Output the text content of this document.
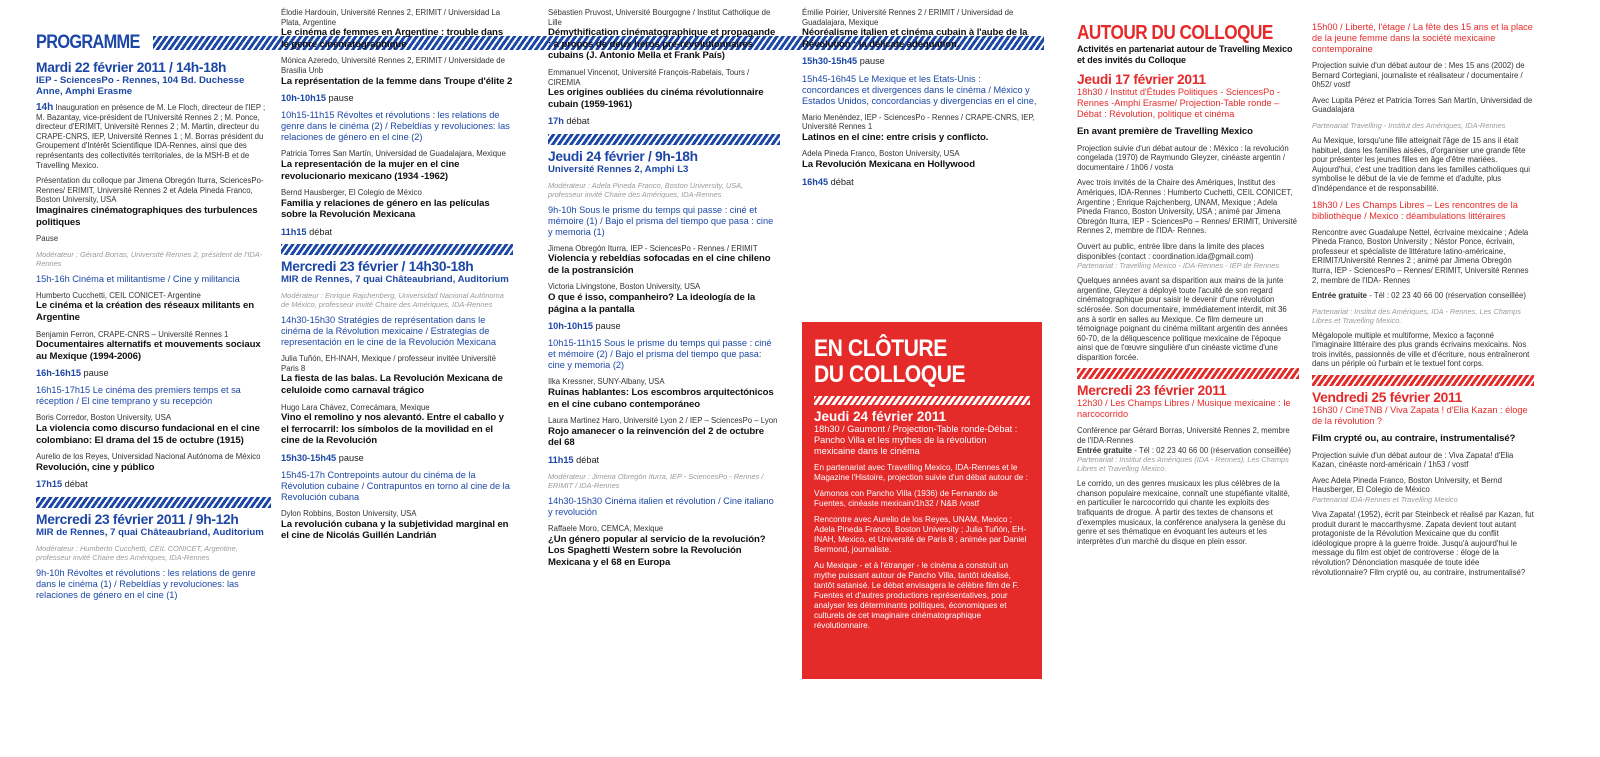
PROGRAMME
Mardi 22 février 2011 / 14h-18h
IEP - SciencesPo - Rennes, 104 Bd. Duchesse Anne, Amphi Erasme

14h Inauguration en présence de M. Le Floch, directeur de l'IEP ; M. Bazantay, vice-président de l'Université Rennes 2 ; M. Ponce, directeur d'ERIMIT, Université Rennes 2 ; M. Martin, directeur du CRAPE-CNRS, IEP, Université Rennes 1 ; M. Borras président du Groupement d'Intérêt Scientifique IDA-Rennes, ainsi que des représentants des collectivités territoriales, de la MSH-B et de Travelling Mexico.

Présentation du colloque par Jimena Obregón Iturra, SciencesPo-Rennes/ ERIMIT, Université Rennes 2 et Adela Pineda Franco, Boston University, USA

Imaginaires cinématographiques des turbulences politiques

Pause

Modérateur : Gérard Borras, Université Rennes 2, président de l'IDA-Rennes

15h-16h Cinéma et militantisme / Cine y militancia

Humberto Cucchetti, CEIL CONICET- Argentine

Le cinéma et la création des réseaux militants en Argentine

Benjamin Ferron, CRAPE-CNRS – Université Rennes 1

Documentaires alternatifs et mouvements sociaux au Mexique (1994-2006)

16h-16h15 pause

16h15-17h15 Le cinéma des premiers temps et sa réception / El cine temprano y su recepción

Boris Corredor, Boston University, USA

La violencia como discurso fundacional en el cine colombiano: El drama del 15 de octubre (1915)

Aurelio de los Reyes, Universidad Nacional Autónoma de México

Revolución, cine y público

17h15 débat

Mercredi 23 février 2011 / 9h-12h
MIR de Rennes, 7 quai Châteaubriand, Auditorium

Modérateur : Humberto Cucchetti, CEIL CONICET, Argentine, professeur invité Chaire des Amériques, IDA-Rennes

9h-10h Révoltes et révolutions : les relations de genre dans le cinéma (1) / Rebeldías y revoluciones: las relaciones de género en el cine (1)

Élodie Hardouin, Université Rennes 2, ERIMIT / Universidad La Plata, Argentine

Le cinéma de femmes en Argentine : trouble dans le genre cinématographique

Mónica Azeredo, Université Rennes 2, ERIMIT / Universidade de Brasilia Unb

La représentation de la femme dans Troupe d'élite 2

10h-10h15 pause

10h15-11h15 Révoltes et révolutions : les relations de genre dans le cinéma (2) / Rebeldías y revoluciones: las relaciones de género en el cine (2)

Patricia Torres San Martín, Universidad de Guadalajara, Mexique

La representación de la mujer en el cine revolucionario mexicano (1934 -1962)

Bernd Hausberger, El Colegio de México

Familia y relaciones de género en las películas sobre la Revolución Mexicana

11h15 débat

Mercredi 23 février / 14h30-18h
MIR de Rennes, 7 quai Châteaubriand, Auditorium

Modérateur : Enrique Rajchenberg, Universidad Nacional Autónoma de México, professeur invité Chaire des Amériques, IDA-Rennes

14h30-15h30 Stratégies de représentation dans le cinéma de la Révolution mexicaine / Estrategias de representación en le cine de la Revolución Mexicana

Julia Tuñón, EH-INAH, Mexique / professeur invitée Université Paris 8

La fiesta de las balas. La Revolución Mexicana de celuloide como carnaval trágico

Hugo Lara Chávez, Correcámara, Mexique

Vino el remolino y nos alevantó. Entre el caballo y el ferrocarril: los símbolos de la movilidad en el cine de la Revolución

15h30-15h45 pause

15h45-17h Contrepoints autour du cinéma de la Révolution cubaine / Contrapuntos en torno al cine de la Revolución cubana

Dylon Robbins, Boston University, USA

La revolución cubana y la subjetividad marginal en el cine de Nicolás Guillén Landrián

Sébastien Pruvost, Université Bourgogne / Institut Catholique de Lille

Démythification cinématographique et propagande : à propos de deux héros pré-révolutionnaires cubains (J. Antonio Mella et Frank País)

Emmanuel Vincenot, Université François-Rabelais, Tours / CIREMIA

Les origines oubliées du cinéma révolutionnaire cubain (1959-1961)

17h débat

Jeudi 24 février / 9h-18h
Université Rennes 2, Amphi L3

Modérateur : Adela Pineda Franco, Boston University, USA, professeur invité Chaire des Amériques, IDA-Rennes

9h-10h Sous le prisme du temps qui passe : ciné et mémoire (1) / Bajo el prisma del tiempo que pasa : cine y memoria (1)

Jimena Obregón Iturra, IEP - SciencesPo - Rennes / ERIMIT

Violencia y rebeldías sofocadas en el cine chileno de la postransición

Victoria Livingstone, Boston University, USA

O que é isso, companheiro? La ideología de la página a la pantalla

10h-10h15 pause

10h15-11h15 Sous le prisme du temps qui passe : ciné et mémoire (2) / Bajo el prisma del tiempo que pasa: cine y memoria (2)

Ilka Kressner, SUNY-Albany, USA

Ruinas hablantes: Los escombros arquitectónicos en el cine cubano contemporáneo

Laura Martinez Haro, Université Lyon 2 / IEP – SciencesPo – Lyon

Rojo amanecer o la reinvención del 2 de octubre del 68

11h15 débat

Modérateur : Jimena Obregón Iturra, IEP - SciencesPo - Rennes / ERIMIT / IDA-Rennes

14h30-15h30 Cinéma italien et révolution / Cine italiano y revolución

Raffaele Moro, CEMCA, Mexique

¿Un género popular al servicio de la revolución? Los Spaghetti Western sobre la Revolución Mexicana y el 68 en Europa

Émilie Poirier, Université Rennes 2 / ERIMIT / Universidad de Guadalajara, Mexique

Néoréalisme italien et cinéma cubain à l'aube de la Révolution : la délicate adéquation.

15h30-15h45 pause

15h45-16h45 Le Mexique et les Etats-Unis : concordances et divergences dans le cinéma / México y Estados Unidos, concordancias y divergencias en el cine,

Mario Menéndez, IEP - SciencesPo - Rennes / CRAPE-CNRS, IEP, Université Rennes 1

Latinos en el cine: entre crisis y conflicto.

Adela Pineda Franco, Boston University, USA

La Revolución Mexicana en Hollywood

16h45 débat

EN CLÔTURE
DU COLLOQUE
Jeudi 24 février 2011

18h30 / Gaumont / Projection-Table ronde-Débat : Pancho Villa et les mythes de la révolution mexicaine dans le cinéma

En partenariat avec Travelling Mexico, IDA-Rennes et le Magazine l'Histoire, projection suivie d'un débat autour de :

Vámonos con Pancho Villa (1936) de Fernando de Fuentes, cinéaste mexicain/1h32 / N&B /vostf

Rencontre avec Aurelio de los Reyes, UNAM, Mexico ; Adela Pineda Franco, Boston University ; Julia Tuñón, EH-INAH, Mexico, et Université de Paris 8 ; animée par Daniel Bermond, journaliste.

Au Mexique - et à l'étranger - le cinéma a construit un mythe puissant autour de Pancho Villa, tantôt idéalisé, tantôt satanisé. Le débat envisagera le célèbre film de F. Fuentes et d'autres productions représentatives, pour analyser les déterminants politiques, économiques et culturels de cet imaginaire cinématographique révolutionnaire.

AUTOUR DU COLLOQUE

Activités en partenariat autour de Travelling Mexico et des invités du Colloque

Jeudi 17 février 2011

18h30 / Institut d'Études Politiques - SciencesPo - Rennes -Amphi Erasme/ Projection-Table ronde –Débat : Révolution, politique et cinéma

En avant première de Travelling Mexico

Projection suivie d'un débat autour de : México : la revolución congelada (1970) de Raymundo Gleyzer, cinéaste argentin / documentaire / 1h06 / vosta

Avec trois invités de la Chaire des Amériques, Institut des Amériques, IDA-Rennes : Humberto Cuchetti, CEIL CONICET, Argentine ; Enrique Rajchenberg, UNAM, Mexique ; Adela Pineda Franco, Boston University, USA ; animé par Jimena Obregón Iturra, IEP - SciencesPo – Rennes/ ERIMIT, Université Rennes 2, membre de l'IDA- Rennes.

Ouvert au public, entrée libre dans la limite des places disponibles (contact : coordination.ida@gmail.com)

Partenariat : Travelling Mexico - IDA-Rennes - IEP de Rennes

Quelques années avant sa disparition aux mains de la junte argentine, Gleyzer a déployé toute l'acuité de son regard cinématographique pour saisir le devenir d'une révolution sclérosée. Son documentaire, immédiatement interdit, mit 36 ans à sortir en salles au Mexique. Ce film demeure un témoignage poignant du cinéma militant argentin des années 60-70, de la déliquescence politique mexicaine de l'époque ainsi que de l'œuvre singulière d'un cinéaste victime d'une disparition forcée.

Mercredi 23 février 2011

12h30 / Les Champs Libres / Musique mexicaine : le narcocorrido

Conférence par Gérard Borras, Université Rennes 2, membre de l'IDA-Rennes

Entrée gratuite - Tél : 02 23 40 66 00 (réservation conseillée)

Partenariat : Institut des Amériques (IDA - Rennes), Les Champs Libres et Travelling Mexico.

Le corrido, un des genres musicaux les plus célèbres de la chanson populaire mexicaine, connaît une stupéfiante vitalité, en particulier le narcocorrido qui chante les exploits des trafiquants de drogue. À partir des textes de chansons et d'exemples musicaux, la conférence analysera la genèse du genre et ses thématique en évoquant les auteurs et les interprètes d'un marché du disque en plein essor.

15h00 / Liberté, l'étage / La fête des 15 ans et la place de la jeune femme dans la société mexicaine contemporaine

Projection suivie d'un débat autour de : Mes 15 ans (2002) de Bernard Cortegiani, journaliste et réalisateur / documentaire / 0h52/ vostf

Avec Lupita Pérez et Patricia Torres San Martín, Universidad de Guadalajara

Partenariat Travelling - Institut des Amériques, IDA-Rennes

Au Mexique, lorsqu'une fille atteignait l'âge de 15 ans il était habituel, dans les familles aisées, d'organiser une grande fête pour présenter les jeunes filles en âge d'être mariées. Aujourd'hui, c'est une tradition dans les familles catholiques qui symbolise le début de la vie de femme et d'adulte, plus d'indépendance et de responsabilité.

18h30 / Les Champs Libres – Les rencontres de la bibliothèque / Mexico : déambulations littéraires

Rencontre avec Guadalupe Nettel, écrivaine mexicaine ; Adela Pineda Franco, Boston University ; Néstor Ponce, écrivain, professeur et spécialiste de littérature latino-américaine, ERIMIT/Université Rennes 2 ; animé par Jimena Obregón Iturra, IEP - SciencesPo – Rennes/ ERIMIT, Université Rennes 2, membre de l'IDA- Rennes

Entrée gratuite - Tél : 02 23 40 66 00 (réservation conseillée)

Partenariat : Institut des Amériques, IDA - Rennes, Les Champs Libres et Travelling Mexico.

Mégalopole multiple et multiforme, Mexico a façonné l'imaginaire littéraire des plus grands écrivains mexicains. Nos trois invités, passionnés de ville et d'écriture, nous entraîneront dans un périple où l'urbain et le textuel font corps.

Vendredi 25 février 2011

16h30 / CinéTNB / Viva Zapata ! d'Elia Kazan : éloge de la révolution ?

Film crypté ou, au contraire, instrumentalisé?

Projection suivie d'un débat autour de : Viva Zapata! d'Elia Kazan, cinéaste nord-américain / 1h53 / vostf

Avec Adela Pineda Franco, Boston University, et Bernd Hausberger, El Colegio de México

Partenariat IDA-Rennes et Travelling Mexico

Viva Zapata! (1952), écrit par Steinbeck et réalisé par Kazan, fut produit durant le maccarthysme. Zapata devient tout autant protagoniste de la Révolution Mexicaine que du conflit idéologique propre à la guerre froide. Jusqu'à aujourd'hui le message du film est objet de controverse : éloge de la révolution? Dénonciation masquée de toute idée révolutionnaire? Film crypté ou, au contraire, instrumentalisé?
